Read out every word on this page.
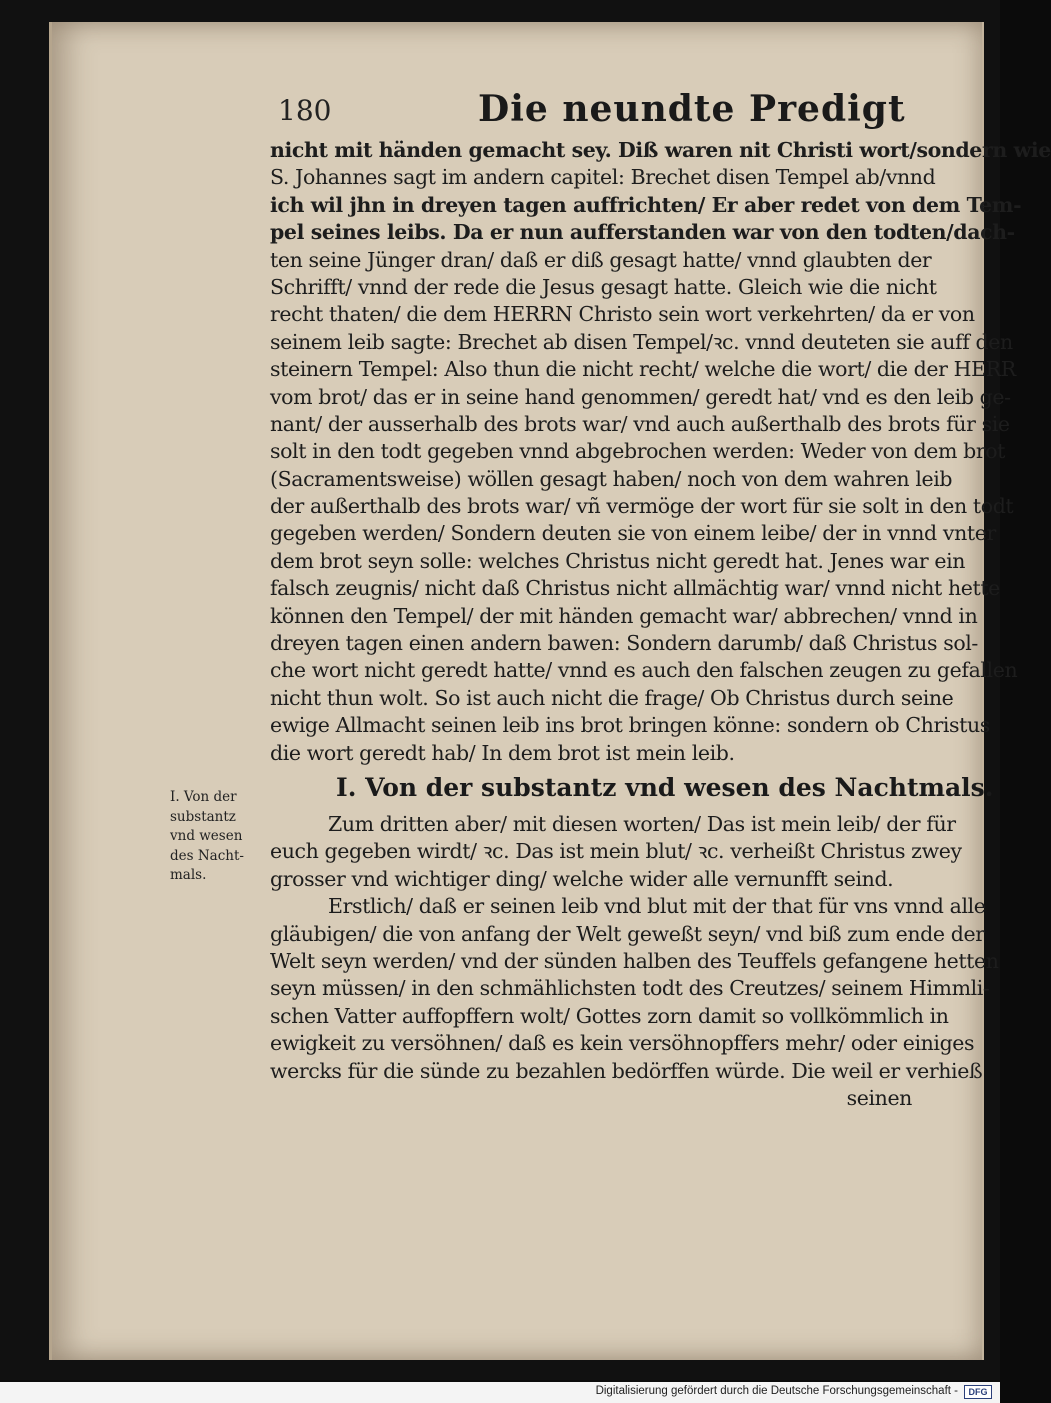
180	Die neundte Predigt
I. Von der
substantz
vnd wesen
des Nacht-
mals.
nicht mit händen gemacht sey. Diß waren nit Christi wort/sondern wie
S. Johannes sagt im andern capitel: Brechet disen Tempel ab/vnnd
ich wil jhn in dreyen tagen auffrichten/ Er aber redet von dem Tem-
pel seines leibs. Da er nun aufferstanden war von den todten/dach-
ten seine Jünger dran/ daß er diß gesagt hatte/ vnnd glaubten der
Schrifft/ vnnd der rede die Jesus gesagt hatte. Gleich wie die nicht
recht thaten/ die dem HERRN Christo sein wort verkehrten/ da er von
seinem leib sagte: Brechet ab disen Tempel/ꝛc. vnnd deuteten sie auff den
steinern Tempel: Also thun die nicht recht/ welche die wort/ die der HERR
vom brot/ das er in seine hand genommen/ geredt hat/ vnd es den leib ge-
nant/ der ausserhalb des brots war/ vnd auch außerthalb des brots für sie
solt in den todt gegeben vnnd abgebrochen werden: Weder von dem brot
(Sacramentsweise) wöllen gesagt haben/ noch von dem wahren leib
der außerthalb des brots war/ vñ vermöge der wort für sie solt in den todt
gegeben werden/ Sondern deuten sie von einem leibe/ der in vnnd vnter
dem brot seyn solle: welches Christus nicht geredt hat. Jenes war ein
falsch zeugnis/ nicht daß Christus nicht allmächtig war/ vnnd nicht hette
können den Tempel/ der mit händen gemacht war/ abbrechen/ vnnd in
dreyen tagen einen andern bawen: Sondern darumb/ daß Christus sol-
che wort nicht geredt hatte/ vnnd es auch den falschen zeugen zu gefallen
nicht thun wolt. So ist auch nicht die frage/ Ob Christus durch seine
ewige Allmacht seinen leib ins brot bringen könne: sondern ob Christus
die wort geredt hab/ In dem brot ist mein leib.
I. Von der substantz vnd wesen des Nachtmals.
Zum dritten aber/ mit diesen worten/ Das ist mein leib/ der für
euch gegeben wirdt/ ꝛc. Das ist mein blut/ ꝛc. verheißt Christus zwey
grosser vnd wichtiger ding/ welche wider alle vernunfft seind.
Erstlich/ daß er seinen leib vnd blut mit der that für vns vnnd alle
gläubigen/ die von anfang der Welt geweßt seyn/ vnd biß zum ende der
Welt seyn werden/ vnd der sünden halben des Teuffels gefangene hetten
seyn müssen/ in den schmählichsten todt des Creutzes/ seinem Himmli-
schen Vatter auffopffern wolt/ Gottes zorn damit so vollkömmlich in
ewigkeit zu versöhnen/ daß es kein versöhnopffers mehr/ oder einiges
wercks für die sünde zu bezahlen bedörffen würde. Die weil er verhieß
seinen
Digitalisierung gefördert durch die Deutsche Forschungsgemeinschaft -	DFG
